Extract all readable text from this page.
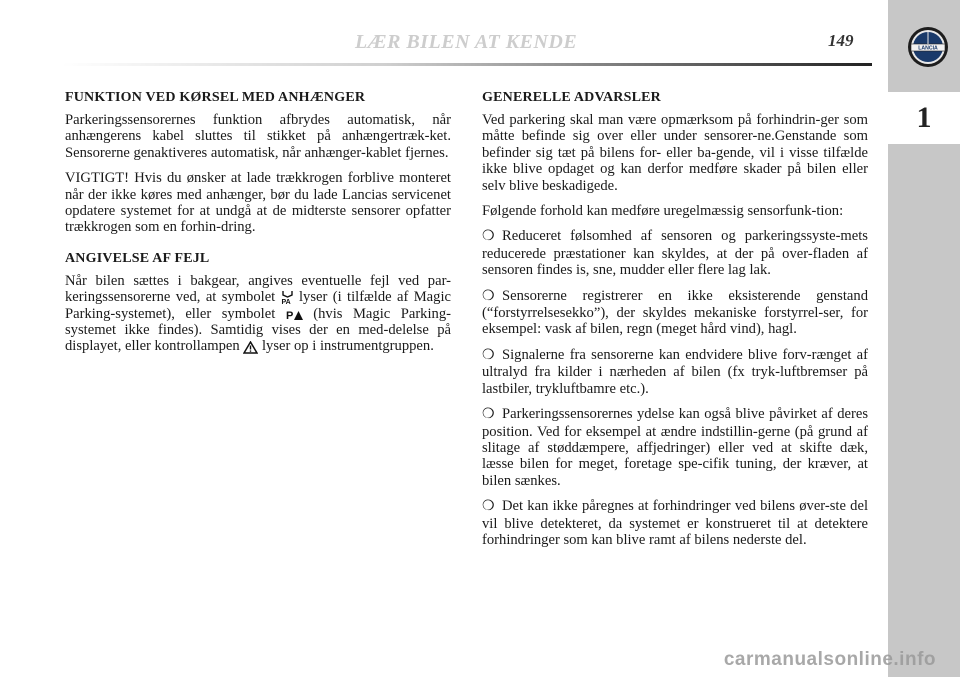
LANCIA
1
LÆR BILEN AT KENDE	149
FUNKTION VED KØRSEL MED ANHÆNGER

Parkeringssensorernes funktion afbrydes automatisk, når anhængerens kabel sluttes til stikket på anhængertræk-ket. Sensorerne genaktiveres automatisk, når anhænger-kablet fjernes.

VIGTIGT! Hvis du ønsker at lade trækkrogen forblive monteret når der ikke køres med anhænger, bør du lade Lancias servicenet opdatere systemet for at undgå at de midterste sensorer opfatter trækkrogen som en forhin-dring.

ANGIVELSE AF FEJL

Når bilen sættes i bakgear, angives eventuelle fejl ved par-keringssensorerne ved, at symbolet PA lyser (i tilfælde af Magic Parking-systemet), eller symbolet P (hvis Magic Parking-systemet ikke findes). Samtidig vises der en med-delelse på displayet, eller kontrollampen lyser op i instrumentgruppen.

GENERELLE ADVARSLER

Ved parkering skal man være opmærksom på forhindrin-ger som måtte befinde sig over eller under sensorer-ne.Genstande som befinder sig tæt på bilens for- eller ba-gende, vil i visse tilfælde ikke blive opdaget og kan derfor medføre skader på bilen eller selv blive beskadigede.

Følgende forhold kan medføre uregelmæssig sensorfunk-tion:

❍ Reduceret følsomhed af sensoren og parkeringssyste-mets reducerede præstationer kan skyldes, at der på over-fladen af sensoren findes is, sne, mudder eller flere lag lak.

❍ Sensorerne registrerer en ikke eksisterende genstand (“forstyrrelsesekko”), der skyldes mekaniske forstyrrel-ser, for eksempel: vask af bilen, regn (meget hård vind), hagl.

❍ Signalerne fra sensorerne kan endvidere blive forv-rænget af ultralyd fra kilder i nærheden af bilen (fx tryk-luftbremser på lastbiler, trykluftbamre etc.).

❍ Parkeringssensorernes ydelse kan også blive påvirket af deres position. Ved for eksempel at ændre indstillin-gerne (på grund af slitage af støddæmpere, affjedringer) eller ved at skifte dæk, læsse bilen for meget, foretage spe-cifik tuning, der kræver, at bilen sænkes.

❍ Det kan ikke påregnes at forhindringer ved bilens øver-ste del vil blive detekteret, da systemet er konstrueret til at detektere forhindringer som kan blive ramt af bilens nederste del.

carmanualsonline.info
